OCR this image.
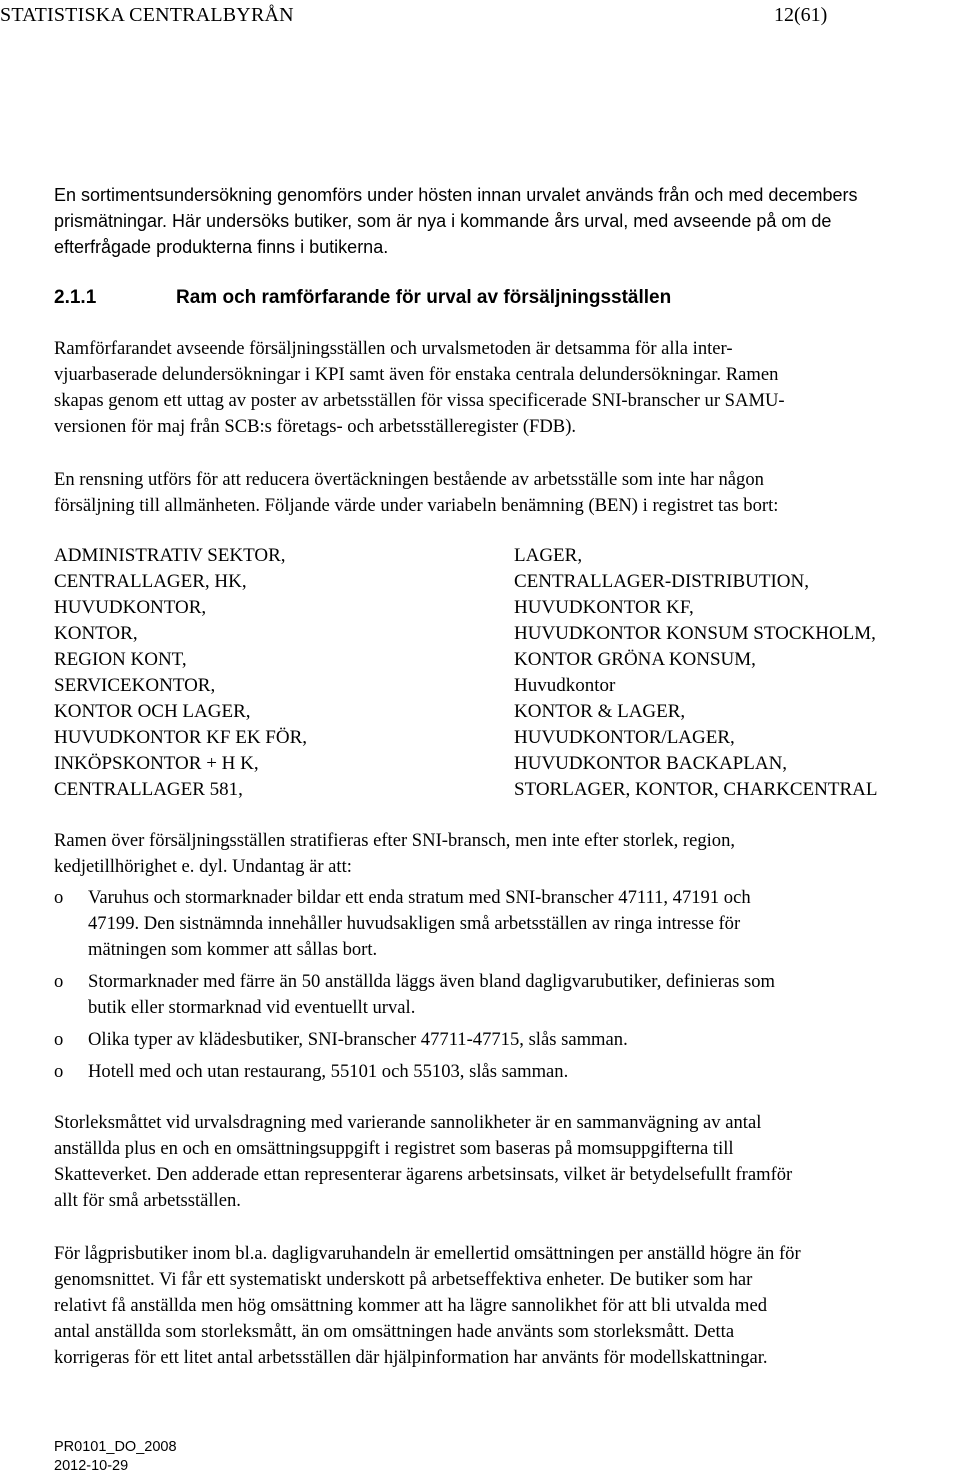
STATISTISKA CENTRALBYRÅN	12(61)
En sortimentsundersökning genomförs under hösten innan urvalet används från och med decembers
prismätningar. Här undersöks butiker, som är nya i kommande års urval, med avseende på om de
efterfrågade produkterna finns i butikerna.
2.1.1	Ram och ramförfarande för urval av försäljningsställen
Ramförfarandet avseende försäljningsställen och urvalsmetoden är detsamma för alla inter-
vjuarbaserade delundersökningar i KPI samt även för enstaka centrala delundersökningar. Ramen
skapas genom ett uttag av poster av arbetsställen för vissa specificerade SNI-branscher ur SAMU-
versionen för maj från SCB:s företags- och arbetsställeregister (FDB).
En rensning utförs för att reducera övertäckningen bestående av arbetsställe som inte har någon
försäljning till allmänheten. Följande värde under variabeln benämning (BEN) i registret tas bort:
ADMINISTRATIV SEKTOR,
CENTRALLAGER, HK,
HUVUDKONTOR,
KONTOR,
REGION KONT,
SERVICEKONTOR,
KONTOR OCH LAGER,
HUVUDKONTOR KF EK FÖR,
INKÖPSKONTOR + H K,
CENTRALLAGER 581,
LAGER,
CENTRALLAGER-DISTRIBUTION,
HUVUDKONTOR KF,
HUVUDKONTOR KONSUM STOCKHOLM,
KONTOR GRÖNA KONSUM,
Huvudkontor
KONTOR & LAGER,
HUVUDKONTOR/LAGER,
HUVUDKONTOR BACKAPLAN,
STORLAGER, KONTOR, CHARKCENTRAL
Ramen över försäljningsställen stratifieras efter SNI-bransch, men inte efter storlek, region,
kedjetillhörighet e. dyl. Undantag är att:
o Varuhus och stormarknader bildar ett enda stratum med SNI-branscher 47111, 47191 och
47199. Den sistnämnda innehåller huvudsakligen små arbetsställen av ringa intresse för
mätningen som kommer att sållas bort.
o Stormarknader med färre än 50 anställda läggs även bland dagligvarubutiker, definieras som
butik eller stormarknad vid eventuellt urval.
o Olika typer av klädesbutiker, SNI-branscher 47711-47715, slås samman.
o Hotell med och utan restaurang, 55101 och 55103, slås samman.
Storleksmåttet vid urvalsdragning med varierande sannolikheter är en sammanvägning av antal
anställda plus en och en omsättningsuppgift i registret som baseras på momsuppgifterna till
Skatteverket. Den adderade ettan representerar ägarens arbetsinsats, vilket är betydelsefullt framför
allt för små arbetsställen.
För lågprisbutiker inom bl.a. dagligvaruhandeln är emellertid omsättningen per anställd högre än för
genomsnittet. Vi får ett systematiskt underskott på arbetseffektiva enheter. De butiker som har
relativt få anställda men hög omsättning kommer att ha lägre sannolikhet för att bli utvalda med
antal anställda som storleksmått, än om omsättningen hade använts som storleksmått. Detta
korrigeras för ett litet antal arbetsställen där hjälpinformation har använts för modellskattningar.
PR0101_DO_2008
2012-10-29
